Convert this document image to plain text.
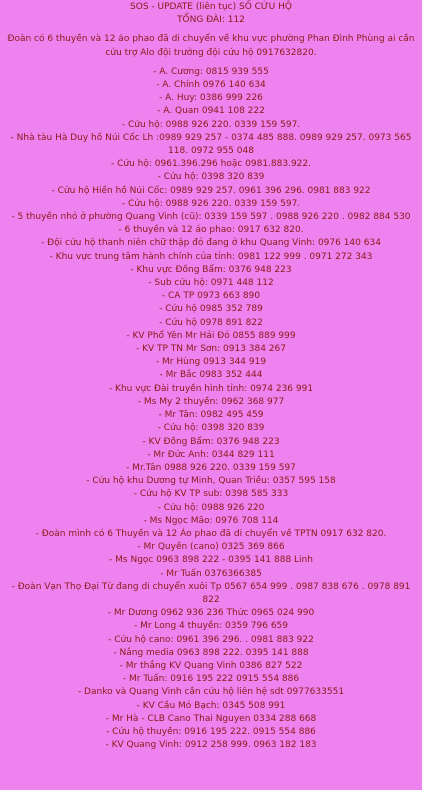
SOS - UPDATE (liên tục) SỐ CỨU HỘ
TỔNG ĐÀI: 112
Đoàn có 6 thuyền và 12 áo phao đã di chuyển về khu vực phường Phan Đình Phùng ai cần cứu trợ Alo đội trưởng đội cứu hộ 0917632820.
- A. Cương: 0815 939 555
- A. Chính 0976 140 634
- A. Huy: 0386 999 226
- A. Quan 0941 108 222
- Cứu hộ: 0988 926 220. 0339 159 597.
- Nhà tàu Hà Duy hồ Núi Cốc Lh :0989 929 257 - 0374 485 888. 0989 929 257. 0973 565 118. 0972 955 048
- Cứu hộ: 0961.396.296 hoặc 0981.883.922.
- Cứu hộ: 0398 320 839
- Cứu hộ Hiền hồ Núi Cốc: 0989 929 257. 0961 396 296. 0981 883 922
- Cứu hộ: 0988 926 220. 0339 159 597.
- 5 thuyền nhỏ ở phường Quang Vinh (cũ): 0339 159 597 . 0988 926 220 . 0982 884 530
- 6 thuyền và 12 áo phao: 0917 632 820.
- Đội cứu hộ thanh niên chữ thập đỏ đang ở khu Quang Vinh: 0976 140 634
- Khu vực trung tâm hành chính của tỉnh: 0981 122 999 . 0971 272 343
- Khu vực Đồng Bẩm: 0376 948 223
- Sub cứu hộ: 0971 448 112
- CA TP 0973 663 890
- Cứu hộ 0985 352 789
- Cứu hộ 0978 891 822
- KV Phổ Yên Mr Hải Đỏ 0855 889 999
- KV TP TN Mr Sơn: 0913 384 267
- Mr Hùng 0913 344 919
- Mr Bắc 0983 352 444
- Khu vực Đài truyền hình tỉnh: 0974 236 991
- Ms My 2 thuyền: 0962 368 977
- Mr Tân: 0982 495 459
- Cứu hộ: 0398 320 839
- KV Đồng Bẩm: 0376 948 223
- Mr Đức Anh: 0344 829 111
- Mr.Tân 0988 926 220. 0339 159 597
- Cứu hộ khu Dương tự Minh, Quan Triều: 0357 595 158
- Cứu hộ KV TP sub: 0398 585 333
- Cứu hộ: 0988 926 220
- Ms Ngọc Mão: 0976 708 114
- Đoàn mình có 6 Thuyền và 12 Áo phao đã di chuyển về TPTN 0917 632 820.
- Mr Quyền (cano) 0325 369 866
- Ms Ngọc 0963 898 222 - 0395 141 888 Linh
- Mr Tuấn 0376366385
- Đoàn Vạn Thọ Đại Từ đang di chuyển xuôi Tp 0567 654 999 . 0987 838 676 . 0978 891 822
- Mr Dương 0962 936 236 Thức 0965 024 990
- Mr Long 4 thuyền: 0359 796 659
- Cứu hộ cano: 0961 396 296. . 0981 883 922
- Nắng media 0963 898 222. 0395 141 888
- Mr thắng KV Quang Vinh 0386 827 522
- Mr Tuấn: 0916 195 222 0915 554 886
- Danko và Quang Vinh cần cứu hộ liên hệ sdt 0977633551
- KV Cầu Mỏ Bạch: 0345 508 991
- Mr Hà - CLB Cano Thai Nguyen 0334 288 668
- Cứu hộ thuyền: 0916 195 222. 0915 554 886
- KV Quang Vinh: 0912 258 999. 0963 182 183
